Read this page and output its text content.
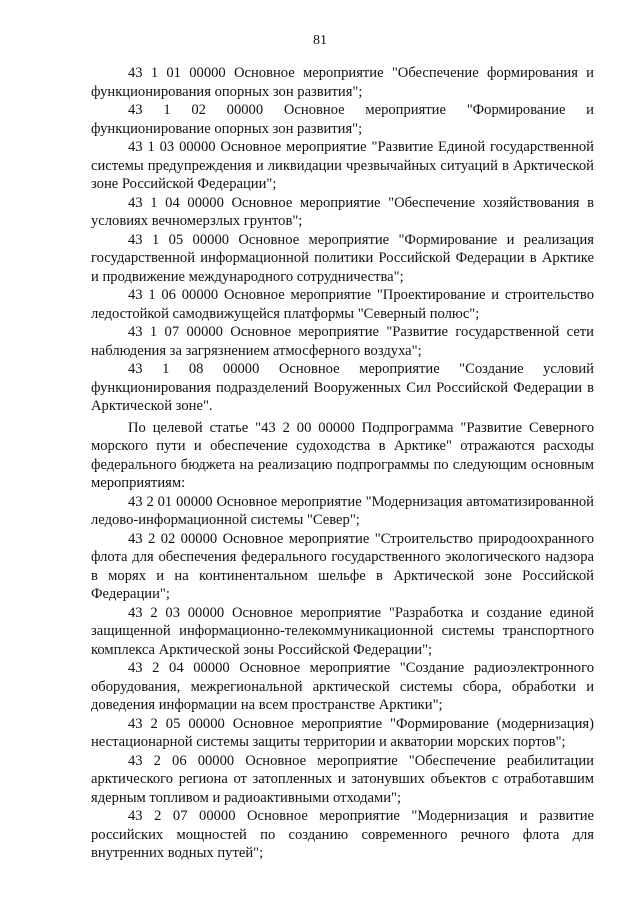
81

43 1 01 00000 Основное мероприятие "Обеспечение формирования и функционирования опорных зон развития";

43 1 02 00000 Основное мероприятие "Формирование и функционирование опорных зон развития";

43 1 03 00000 Основное мероприятие "Развитие Единой государственной системы предупреждения и ликвидации чрезвычайных ситуаций в Арктической зоне Российской Федерации";

43 1 04 00000 Основное мероприятие "Обеспечение хозяйствования в условиях вечномерзлых грунтов";

43 1 05 00000 Основное мероприятие "Формирование и реализация государственной информационной политики Российской Федерации в Арктике и продвижение международного сотрудничества";

43 1 06 00000 Основное мероприятие "Проектирование и строительство ледостойкой самодвижущейся платформы "Северный полюс";

43 1 07 00000 Основное мероприятие "Развитие государственной сети наблюдения за загрязнением атмосферного воздуха";

43 1 08 00000 Основное мероприятие "Создание условий функционирования подразделений Вооруженных Сил Российской Федерации в Арктической зоне".

По целевой статье "43 2 00 00000 Подпрограмма "Развитие Северного морского пути и обеспечение судоходства в Арктике" отражаются расходы федерального бюджета на реализацию подпрограммы по следующим основным мероприятиям:

43 2 01 00000 Основное мероприятие "Модернизация автоматизированной ледово-информационной системы "Север";

43 2 02 00000 Основное мероприятие "Строительство природоохранного флота для обеспечения федерального государственного экологического надзора в морях и на континентальном шельфе в Арктической зоне Российской Федерации";

43 2 03 00000 Основное мероприятие "Разработка и создание единой защищенной информационно-телекоммуникационной системы транспортного комплекса Арктической зоны Российской Федерации";

43 2 04 00000 Основное мероприятие "Создание радиоэлектронного оборудования, межрегиональной арктической системы сбора, обработки и доведения информации на всем пространстве Арктики";

43 2 05 00000 Основное мероприятие "Формирование (модернизация) нестационарной системы защиты территории и акватории морских портов";

43 2 06 00000 Основное мероприятие "Обеспечение реабилитации арктического региона от затопленных и затонувших объектов с отработавшим ядерным топливом и радиоактивными отходами";

43 2 07 00000 Основное мероприятие "Модернизация и развитие российских мощностей по созданию современного речного флота для внутренних водных путей";
